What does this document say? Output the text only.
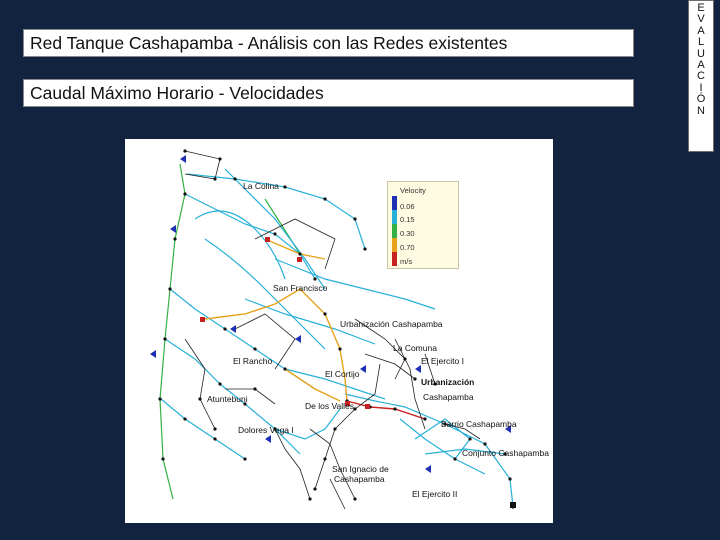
Red Tanque Cashapamba - Análisis con las Redes existentes
Caudal Máximo Horario - Velocidades
E
V
A
L
U
A
C
I
Ó
N
Velocity
0.06
0.15
0.30
0.70
m/s
La Colina
San Francisco
Urbanización Cashapamba
La Comuna
El Ejercito I
El Rancho
El Cortijo
Urbanización
Cashapamba
Atuntebuni
De los Valles
Barrio Cashapamba
Dolores Vega I
Conjunto Cashapamba
San Ignacio de
Cashapamba
El Ejercito II
